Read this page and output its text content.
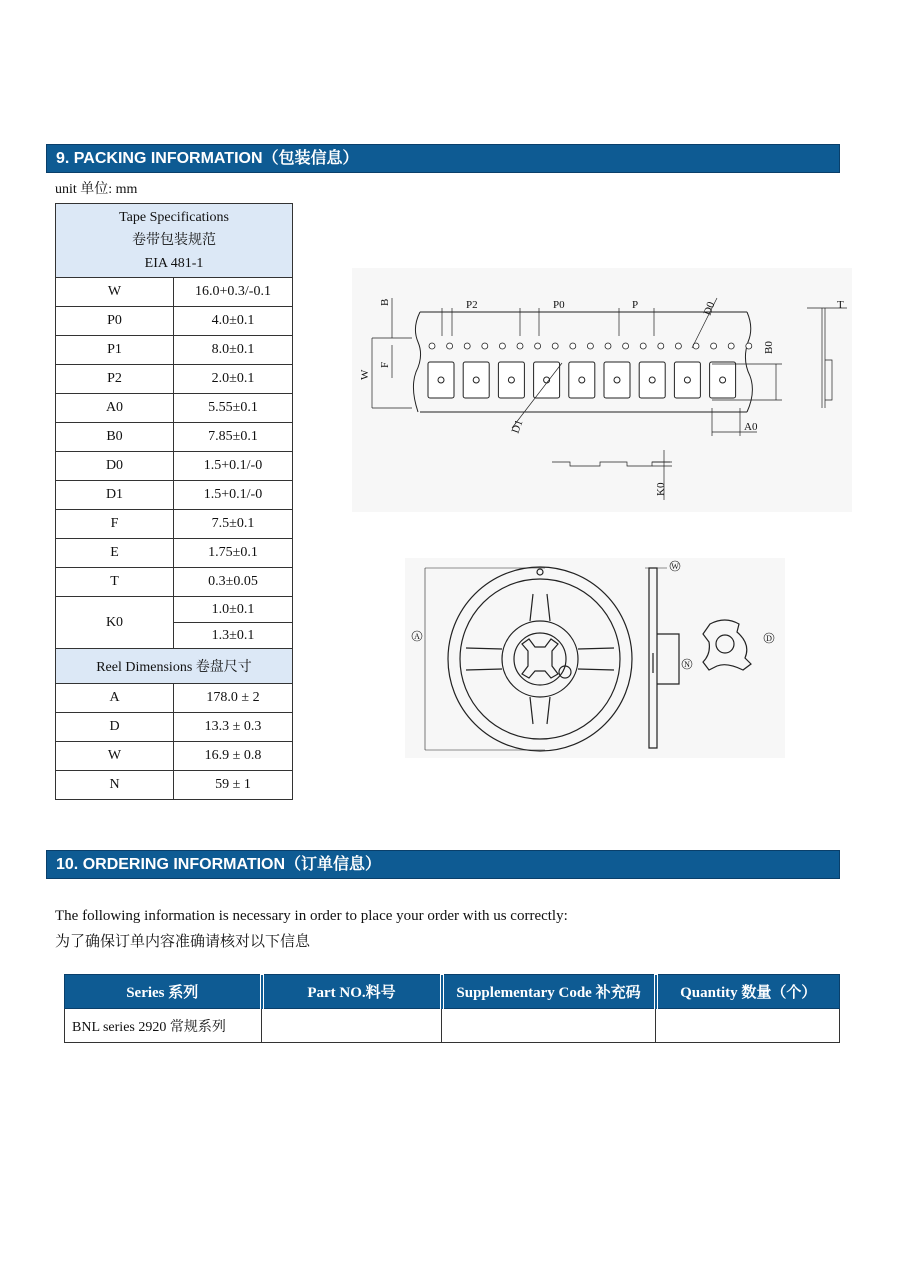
9. PACKING INFORMATION（包装信息）
unit 单位: mm
Tape Specifications
卷带包装规范
EIA 481-1	

W	16.0+0.3/-0.1
P0	4.0±0.1
P1	8.0±0.1
P2	2.0±0.1
A0	5.55±0.1
B0	7.85±0.1
D0	1.5+0.1/-0
D1	1.5+0.1/-0
F	7.5±0.1
E	1.75±0.1
T	0.3±0.05
K0	1.0±0.1
	1.3±0.1
Reel Dimensions 卷盘尺寸	
A	178.0 ± 2
D	13.3 ± 0.3
W	16.9 ± 0.8
N	59 ± 1
P2	P0	P	D0	T
B
F
W
B0
D1	A0
K0
A
W
N
D
10. ORDERING INFORMATION（订单信息）
The following information is necessary in order to place your order with us correctly:
为了确保订单内容准确请核对以下信息
Series 系列	Part NO.料号	Supplementary Code 补充码	Quantity 数量（个）
BNL series 2920 常规系列			
